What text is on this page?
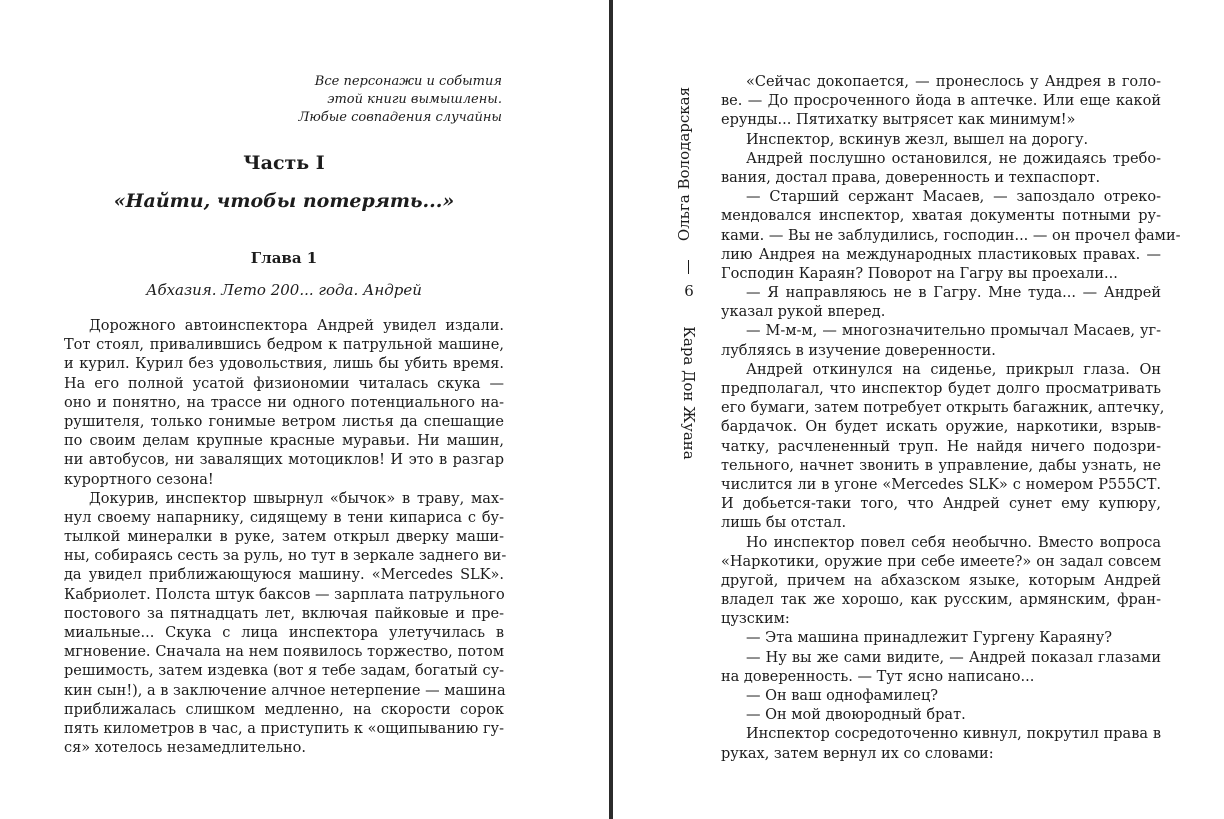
Все персонажи и события
этой книги вымышлены.
Любые совпадения случайны
Часть I
«Найти, чтобы потерять...»
Глава 1
Абхазия. Лето 200... года. Андрей
Дорожного автоинспектора Андрей увидел издали.
Тот стоял, привалившись бедром к патрульной машине,
и курил. Курил без удовольствия, лишь бы убить время.
На его полной усатой физиономии читалась скука —
оно и понятно, на трассе ни одного потенциального на-
рушителя, только гонимые ветром листья да спешащие
по своим делам крупные красные муравьи. Ни машин,
ни автобусов, ни завалящих мотоциклов! И это в разгар
курортного сезона!
Докурив, инспектор швырнул «бычок» в траву, мах-
нул своему напарнику, сидящему в тени кипариса с бу-
тылкой минералки в руке, затем открыл дверку маши-
ны, собираясь сесть за руль, но тут в зеркале заднего ви-
да увидел приближающуюся машину. «Mercedes SLK».
Кабриолет. Полста штук баксов — зарплата патрульного
постового за пятнадцать лет, включая пайковые и пре-
миальные... Скука с лица инспектора улетучилась в
мгновение. Сначала на нем появилось торжество, потом
решимость, затем издевка (вот я тебе задам, богатый су-
кин сын!), а в заключение алчное нетерпение — машина
приближалась слишком медленно, на скорости сорок
пять километров в час, а приступить к «ощипыванию гу-
ся» хотелось незамедлительно.
Ольга Володарская
6
Кара Дон Жуана
«Сейчас докопается, — пронеслось у Андрея в голо-
ве. — До просроченного йода в аптечке. Или еще какой
ерунды... Пятихатку вытрясет как минимум!»
Инспектор, вскинув жезл, вышел на дорогу.
Андрей послушно остановился, не дожидаясь требо-
вания, достал права, доверенность и техпаспорт.
— Старший сержант Масаев, — запоздало отреко-
мендовался инспектор, хватая документы потными ру-
ками. — Вы не заблудились, господин... — он прочел фами-
лию Андрея на международных пластиковых правах. —
Господин Караян? Поворот на Гагру вы проехали...
— Я направляюсь не в Гагру. Мне туда... — Андрей
указал рукой вперед.
— М-м-м, — многозначительно промычал Масаев, уг-
лубляясь в изучение доверенности.
Андрей откинулся на сиденье, прикрыл глаза. Он
предполагал, что инспектор будет долго просматривать
его бумаги, затем потребует открыть багажник, аптечку,
бардачок. Он будет искать оружие, наркотики, взрыв-
чатку, расчлененный труп. Не найдя ничего подозри-
тельного, начнет звонить в управление, дабы узнать, не
числится ли в угоне «Mercedes SLK» с номером Р555СТ.
И добьется-таки того, что Андрей сунет ему купюру,
лишь бы отстал.
Но инспектор повел себя необычно. Вместо вопроса
«Наркотики, оружие при себе имеете?» он задал совсем
другой, причем на абхазском языке, которым Андрей
владел так же хорошо, как русским, армянским, фран-
цузским:
— Эта машина принадлежит Гургену Караяну?
— Ну вы же сами видите, — Андрей показал глазами
на доверенность. — Тут ясно написано...
— Он ваш однофамилец?
— Он мой двоюродный брат.
Инспектор сосредоточенно кивнул, покрутил права в
руках, затем вернул их со словами:
